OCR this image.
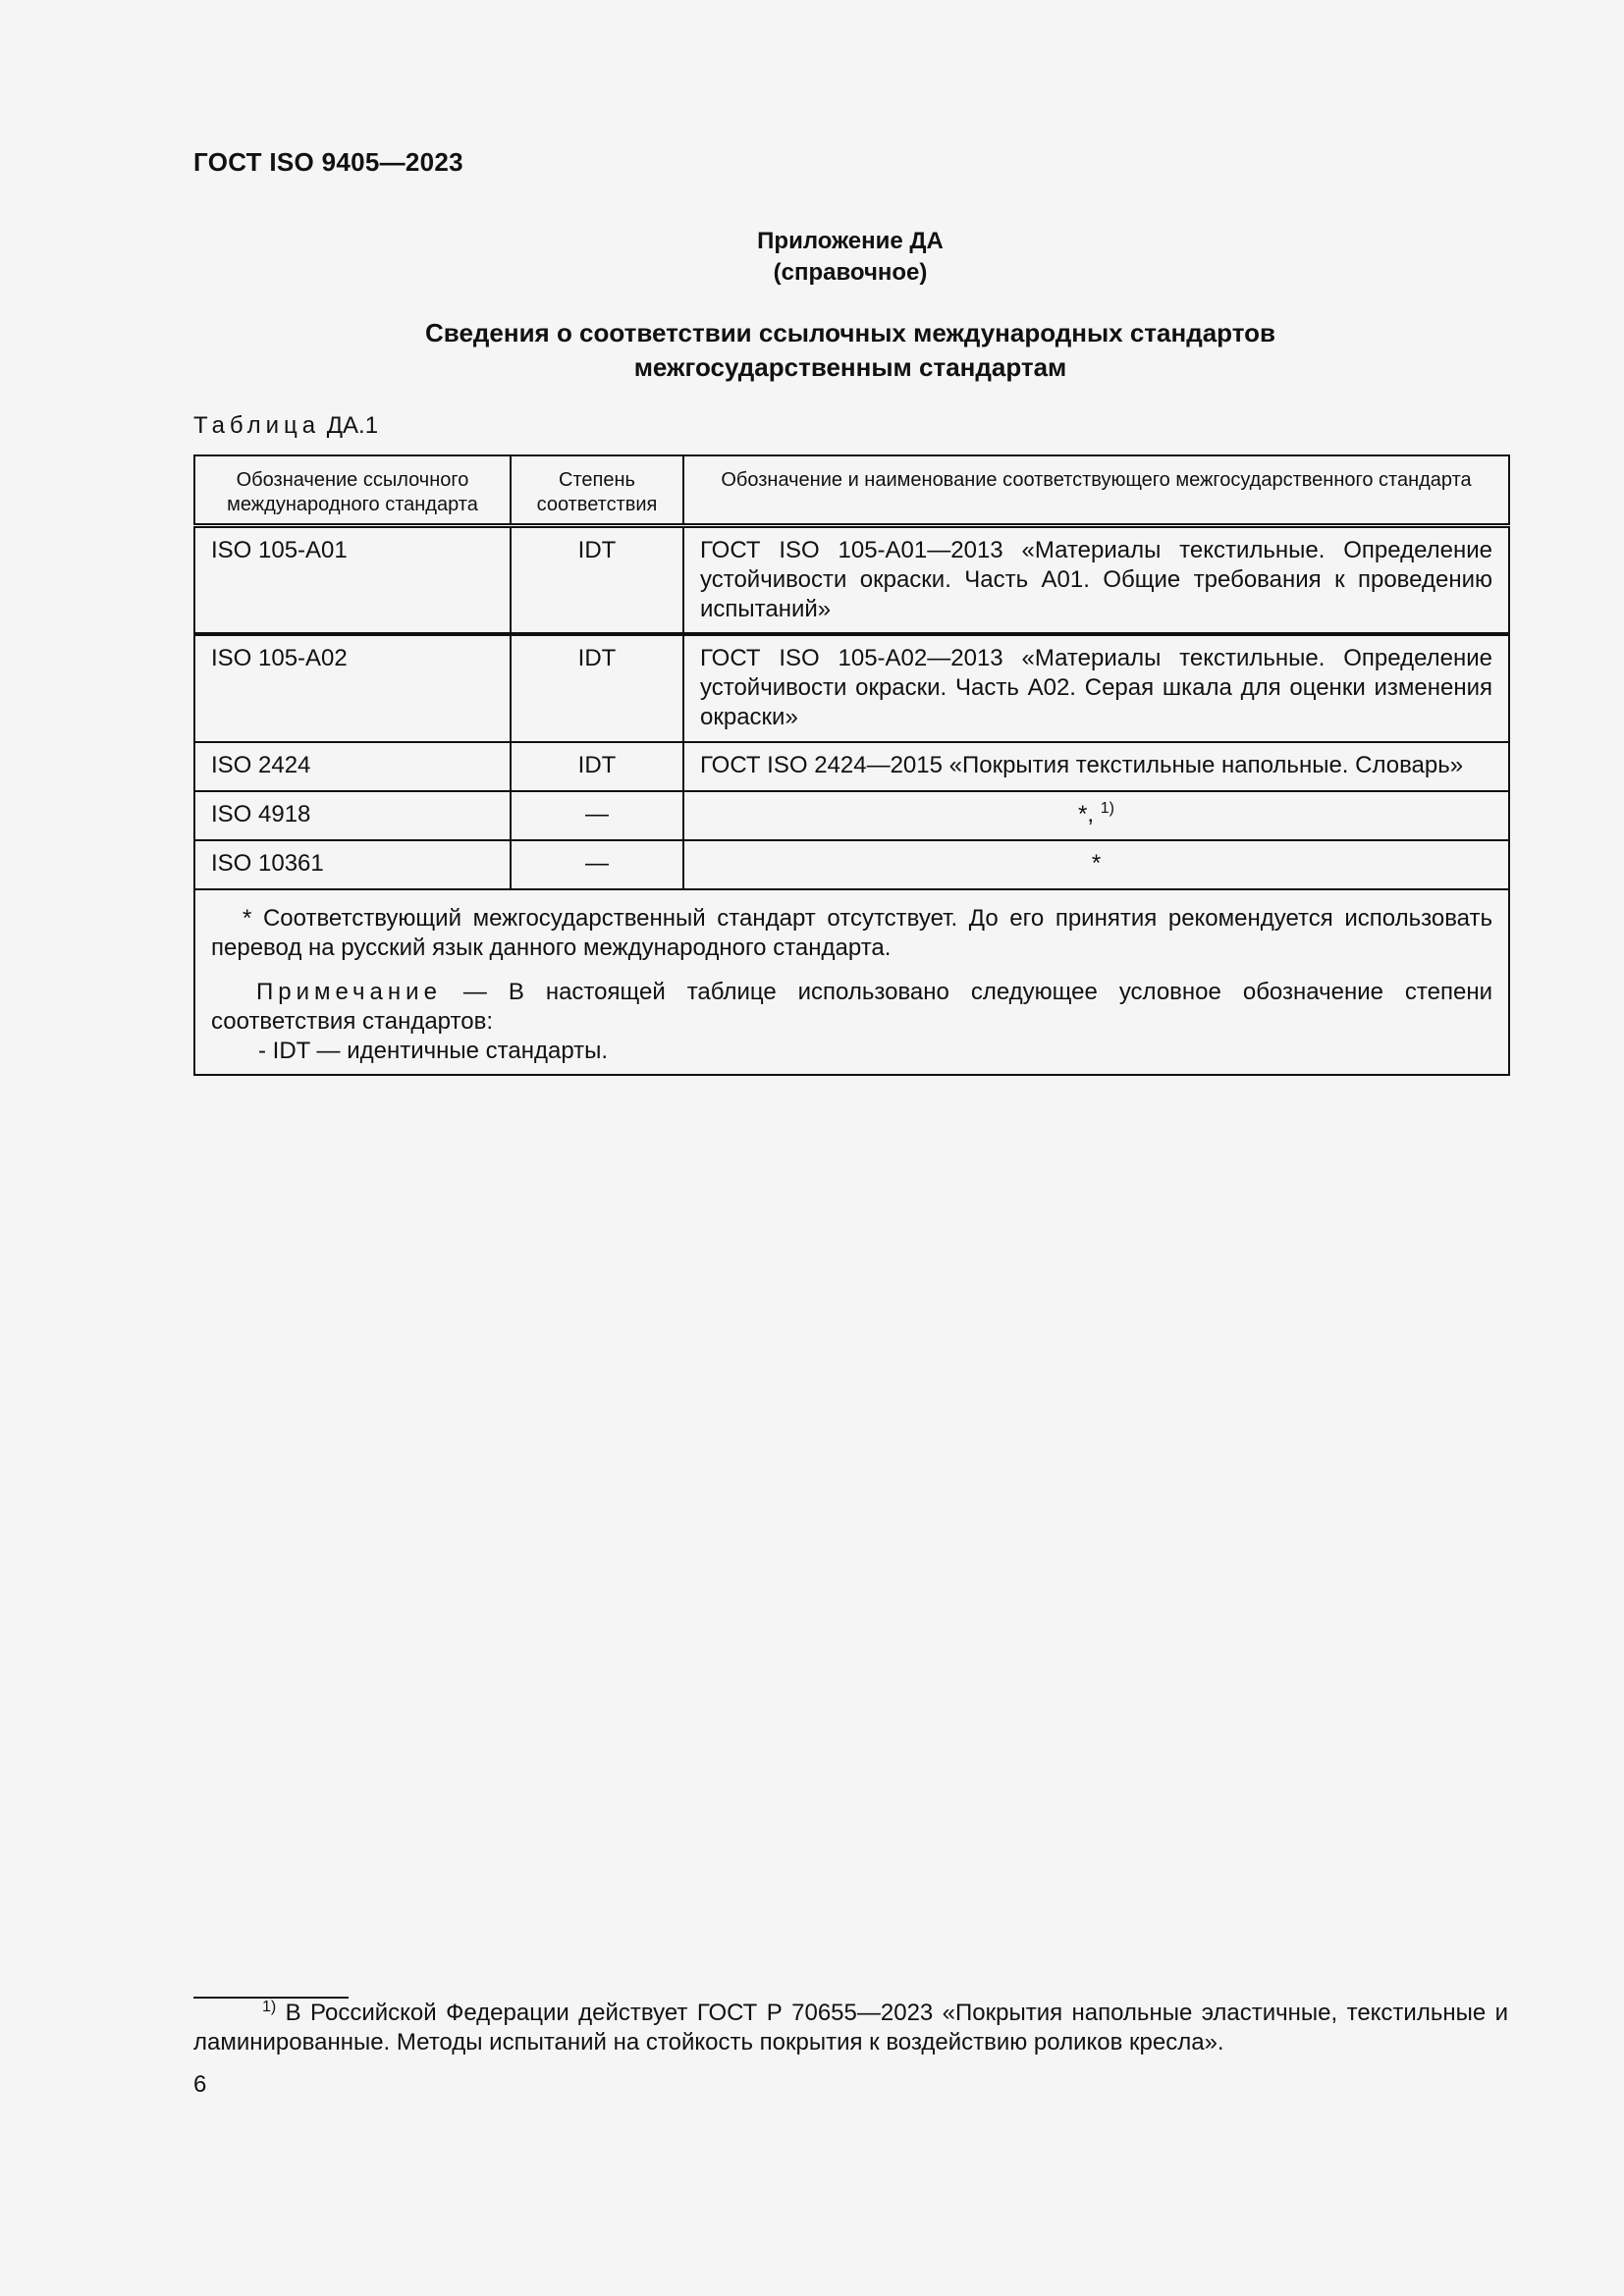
ГОСТ ISO 9405—2023
Приложение ДА
(справочное)
Сведения о соответствии ссылочных международных стандартов
межгосударственным стандартам
Таблица ДА.1
Обозначение ссылочного международного стандарта	Степень соответствия	Обозначение и наименование соответствующего межгосударственного стандарта
ISO 105-A01	IDT	ГОСТ ISO 105-A01—2013 «Материалы текстильные. Определение устойчивости окраски. Часть A01. Общие требования к проведению испытаний»
ISO 105-A02	IDT	ГОСТ ISO 105-A02—2013 «Материалы текстильные. Определение устойчивости окраски. Часть A02. Серая шкала для оценки изменения окраски»
ISO 2424	IDT	ГОСТ ISO 2424—2015 «Покрытия текстильные напольные. Словарь»
ISO 4918	—	*, $^{1)}$
ISO 10361	—	*

* Соответствующий межгосударственный стандарт отсутствует. До его принятия рекомендуется использовать перевод на русский язык данного международного стандарта.

Примечание — В настоящей таблице использовано следующее условное обозначение степени соответствия стандартов:

- IDT — идентичные стандарты.		

$^{1)}$ В Российской Федерации действует ГОСТ Р 70655—2023 «Покрытия напольные эластичные, текстильные и ламинированные. Методы испытаний на стойкость покрытия к воздействию роликов кресла».
6
